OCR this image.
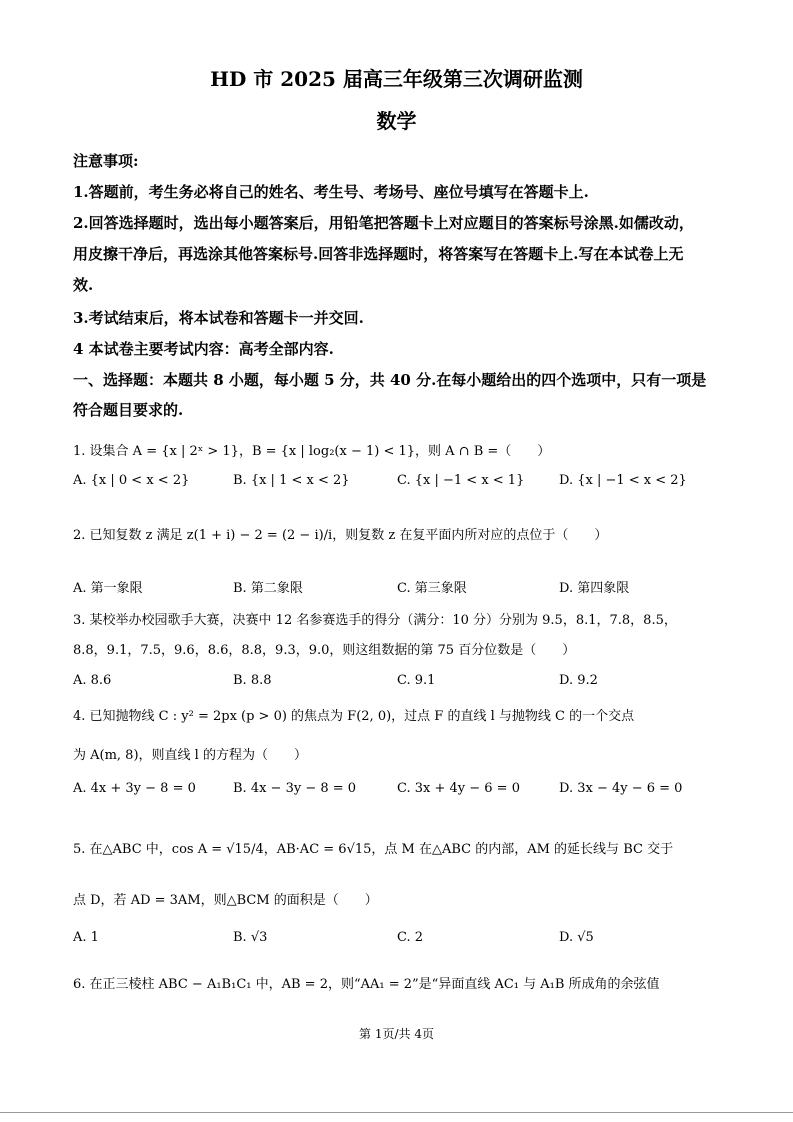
HD 市 2025 届高三年级第三次调研监测
数学
注意事项:
1.答题前，考生务必将自己的姓名、考生号、考场号、座位号填写在答题卡上.
2.回答选择题时，选出每小题答案后，用铅笔把答题卡上对应题目的答案标号涂黑.如儒改动，
用皮擦干净后，再选涂其他答案标号.回答非选择题时，将答案写在答题卡上.写在本试卷上无
效.
3.考试结束后，将本试卷和答题卡一并交回.
4 本试卷主要考试内容：高考全部内容.
一、选择题：本题共 8 小题，每小题 5 分，共 40 分.在每小题给出的四个选项中，只有一项是
符合题目要求的.
1. 设集合 A = {x | 2ˣ > 1}，B = {x | log₂(x − 1) < 1}，则 A ∩ B =（　　）
A. {x | 0 < x < 2}	B. {x | 1 < x < 2}	C. {x | −1 < x < 1}	D. {x | −1 < x < 2}
2. 已知复数 z 满足 z(1 + i) − 2 = (2 − i)/i，则复数 z 在复平面内所对应的点位于（　　）
A. 第一象限	B. 第二象限	C. 第三象限	D. 第四象限
3. 某校举办校园歌手大赛，决赛中 12 名参赛选手的得分（满分：10 分）分别为 9.5，8.1，7.8，8.5，
8.8，9.1，7.5，9.6，8.6，8.8，9.3，9.0，则这组数据的第 75 百分位数是（　　）
A. 8.6	B. 8.8	C. 9.1	D. 9.2
4. 已知抛物线 C : y² = 2px (p > 0) 的焦点为 F(2, 0)，过点 F 的直线 l 与抛物线 C 的一个交点
为 A(m, 8)，则直线 l 的方程为（　　）
A. 4x + 3y − 8 = 0	B. 4x − 3y − 8 = 0	C. 3x + 4y − 6 = 0	D. 3x − 4y − 6 = 0
5. 在△ABC 中，cos A = √15/4，AB·AC = 6√15，点 M 在△ABC 的内部，AM 的延长线与 BC 交于
点 D，若 AD = 3AM，则△BCM 的面积是（　　）
A. 1	B. √3	C. 2	D. √5
6. 在正三棱柱 ABC − A₁B₁C₁ 中，AB = 2，则“AA₁ = 2”是“异面直线 AC₁ 与 A₁B 所成角的余弦值
第 1页/共 4页
